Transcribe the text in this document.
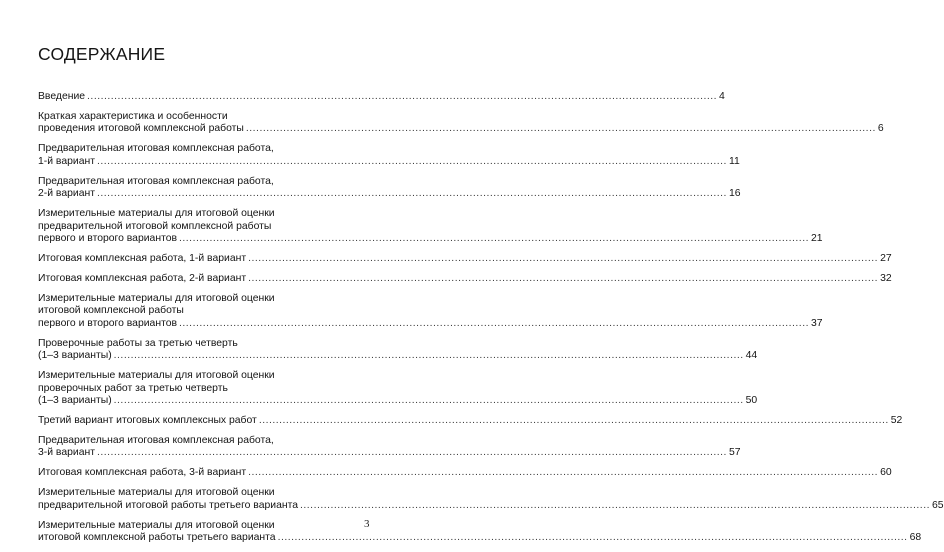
СОДЕРЖАНИЕ
Введение .......................................................................................................................................................................................... 4
Краткая характеристика и особенности
проведения итоговой комплексной работы .......................................................................................................................................................................................... 6
Предварительная итоговая комплексная работа,
1-й вариант .......................................................................................................................................................................................... 11
Предварительная итоговая комплексная работа,
2-й вариант .......................................................................................................................................................................................... 16
Измерительные материалы для итоговой оценки
предварительной итоговой комплексной работы
первого и второго вариантов .......................................................................................................................................................................................... 21
Итоговая комплексная работа, 1-й вариант .......................................................................................................................................................................................... 27
Итоговая комплексная работа, 2-й вариант .......................................................................................................................................................................................... 32
Измерительные материалы для итоговой оценки
итоговой комплексной работы
первого и второго вариантов .......................................................................................................................................................................................... 37
Проверочные работы за третью четверть
(1–3 варианты) .......................................................................................................................................................................................... 44
Измерительные материалы для итоговой оценки
проверочных работ за третью четверть
(1–3 варианты) .......................................................................................................................................................................................... 50
Третий вариант итоговых комплексных работ .......................................................................................................................................................................................... 52
Предварительная итоговая комплексная работа,
3-й вариант .......................................................................................................................................................................................... 57
Итоговая комплексная работа, 3-й вариант .......................................................................................................................................................................................... 60
Измерительные материалы для итоговой оценки
предварительной итоговой работы третьего варианта .......................................................................................................................................................................................... 65
Измерительные материалы для итоговой оценки
итоговой комплексной работы третьего варианта .......................................................................................................................................................................................... 68
3
